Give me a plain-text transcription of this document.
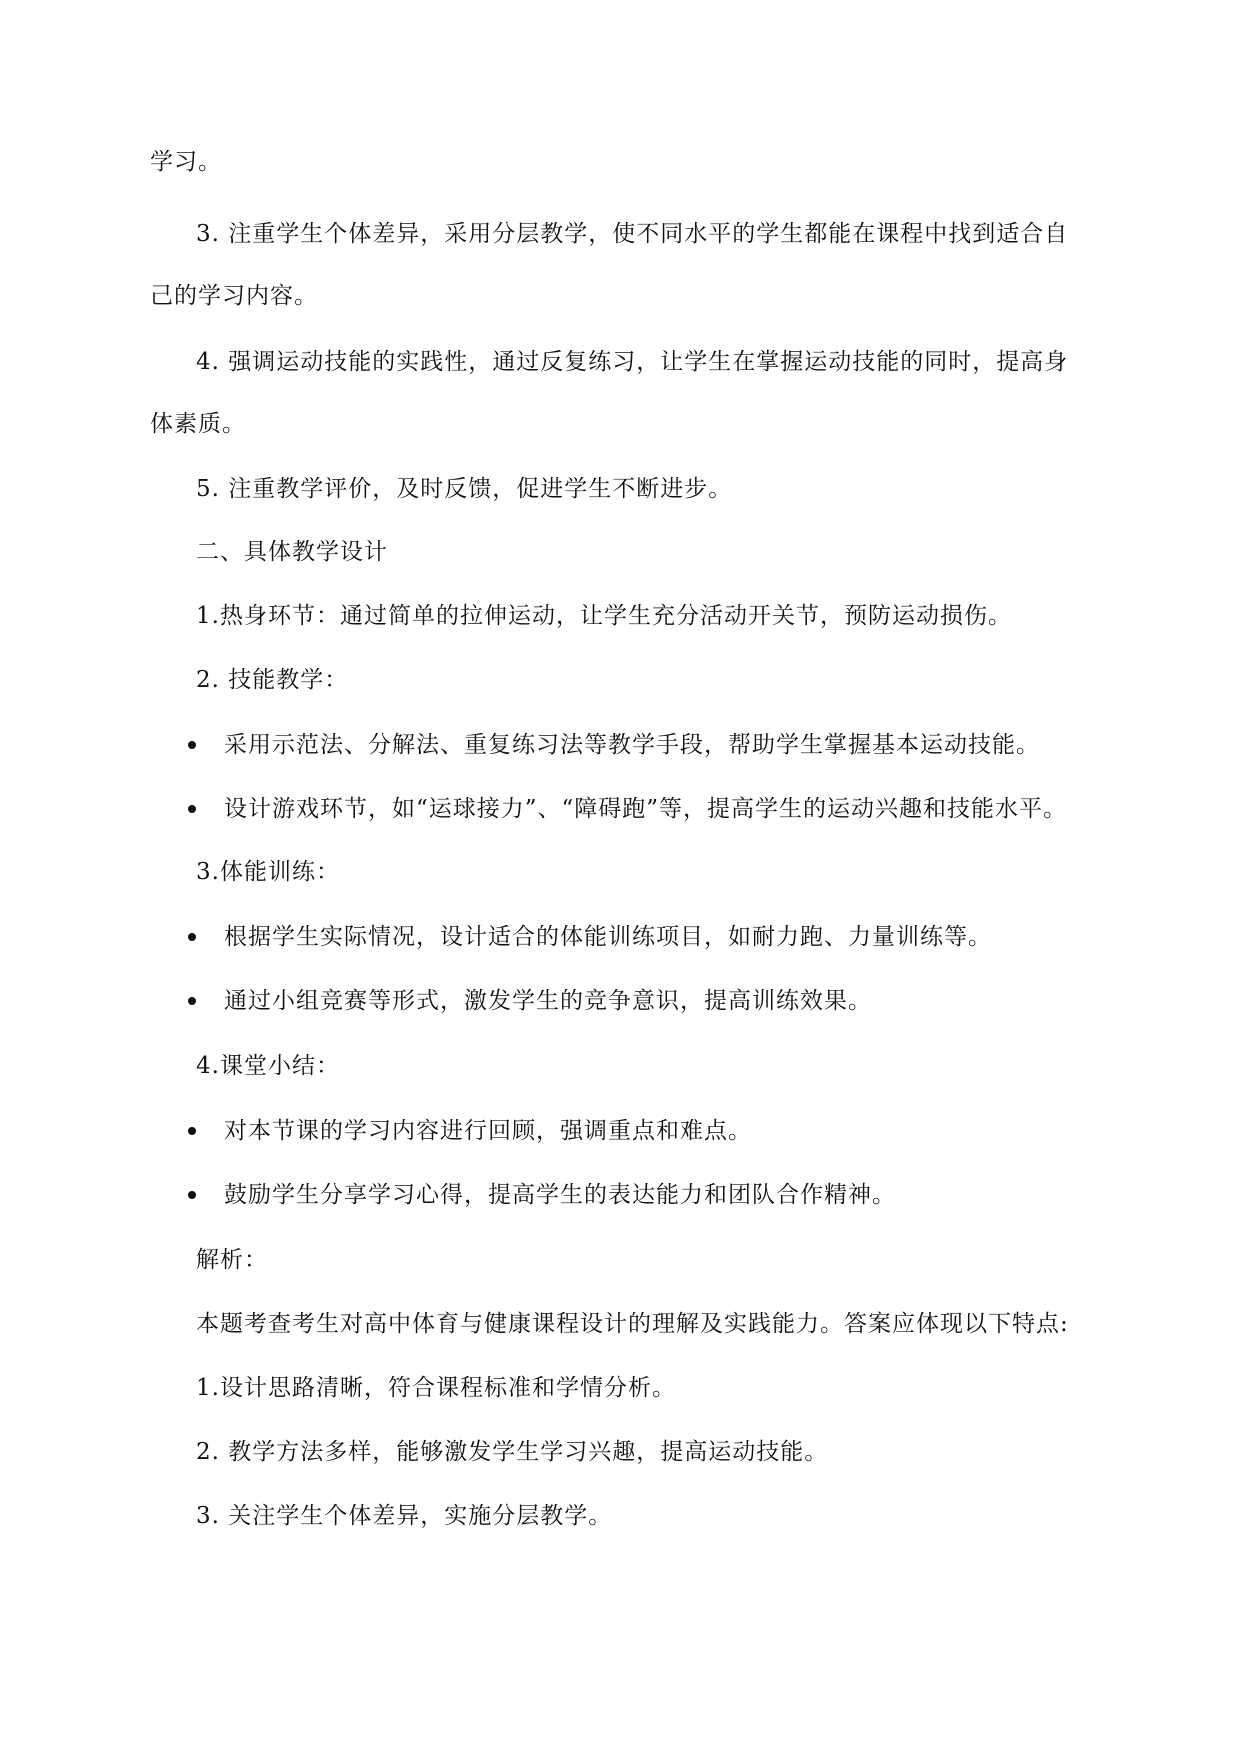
学习。
3. 注重学生个体差异，采用分层教学，使不同水平的学生都能在课程中找到适合自
己的学习内容。
4. 强调运动技能的实践性，通过反复练习，让学生在掌握运动技能的同时，提高身
体素质。
5. 注重教学评价，及时反馈，促进学生不断进步。
二、具体教学设计
1.热身环节：通过简单的拉伸运动，让学生充分活动开关节，预防运动损伤。
2. 技能教学：
采用示范法、分解法、重复练习法等教学手段，帮助学生掌握基本运动技能。
设计游戏环节，如“运球接力”、“障碍跑”等，提高学生的运动兴趣和技能水平。
3.体能训练：
根据学生实际情况，设计适合的体能训练项目，如耐力跑、力量训练等。
通过小组竞赛等形式，激发学生的竞争意识，提高训练效果。
4.课堂小结：
对本节课的学习内容进行回顾，强调重点和难点。
鼓励学生分享学习心得，提高学生的表达能力和团队合作精神。
解析：
本题考查考生对高中体育与健康课程设计的理解及实践能力。答案应体现以下特点:
1.设计思路清晰，符合课程标准和学情分析。
2. 教学方法多样，能够激发学生学习兴趣，提高运动技能。
3. 关注学生个体差异，实施分层教学。
